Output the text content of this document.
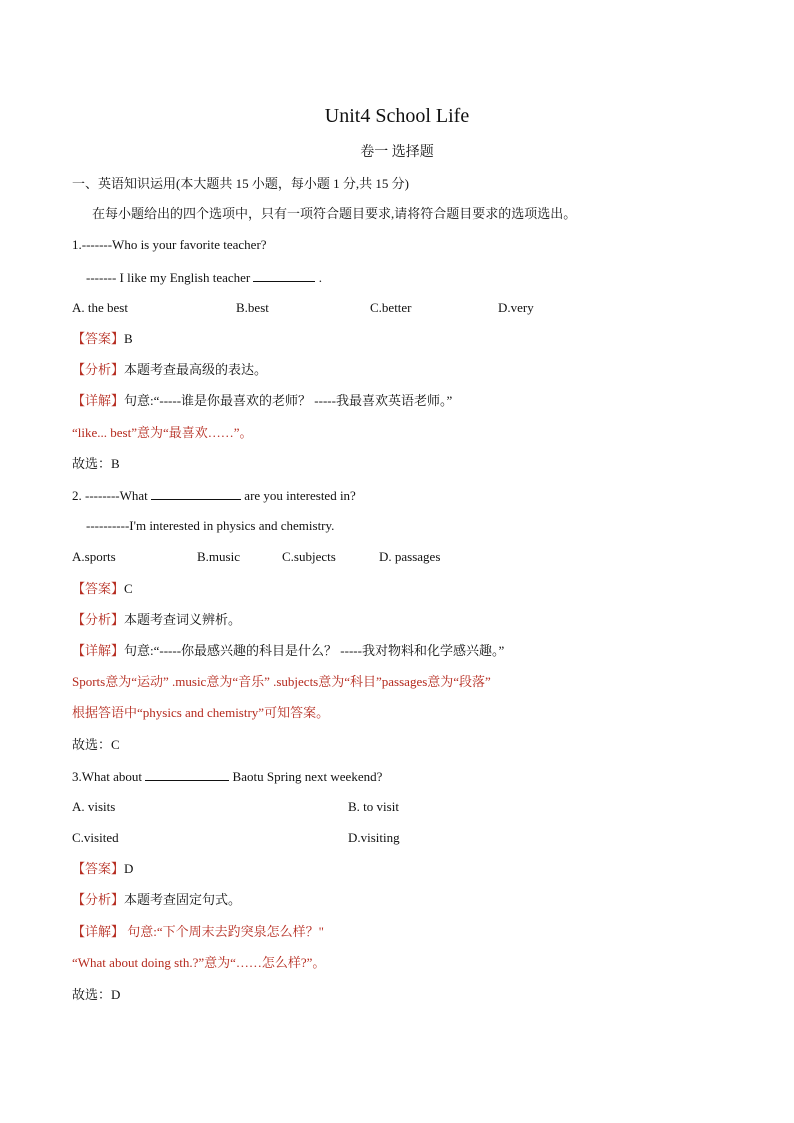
Unit4 School Life
卷一 选择题
一、英语知识运用(本大题共 15 小题，每小题 1 分,共 15 分)
在每小题给出的四个选项中，只有一项符合题目要求,请将符合题目要求的选项选出。
1.-------Who is your favorite teacher?
------- I like my English teacher	.
A. the best	B.best	C.better	D.very
【答案】B
【分析】本题考查最高级的表达。
【详解】句意:“-----谁是你最喜欢的老师？ -----我最喜欢英语老师。”
“like... best”意为“最喜欢……”。
故选：B
2. --------What	are you interested in?
----------I'm interested in physics and chemistry.
A.sports	B.music	C.subjects	D. passages
【答案】C
【分析】本题考查词义辨析。
【详解】句意:“-----你最感兴趣的科目是什么？ -----我对物料和化学感兴趣。”
Sports意为“运动” .music意为“音乐” .subjects意为“科目”passages意为“段落”
根据答语中“physics and chemistry”可知答案。
故选：C
3.What about	Baotu Spring next weekend?
A. visits	B. to visit
C.visited	D.visiting
【答案】D
【分析】本题考查固定句式。
【详解】 句意:“下个周末去趵突泉怎么样？"
“What about doing sth.?”意为“……怎么样?”。
故选：D
